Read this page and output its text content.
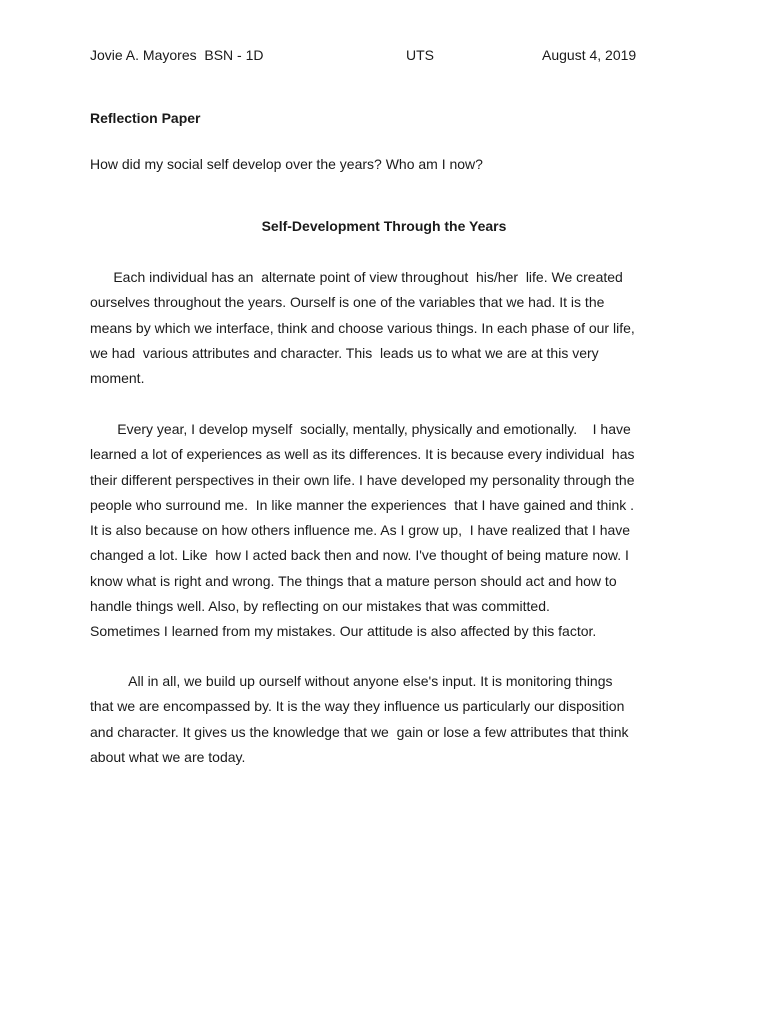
Jovie A. Mayores  BSN - 1D	UTS	August 4, 2019
Reflection Paper
How did my social self develop over the years? Who am I now?
Self-Development Through the Years
Each individual has an  alternate point of view throughout  his/her  life. We created
ourselves throughout the years. Ourself is one of the variables that we had. It is the
means by which we interface, think and choose various things. In each phase of our life,
we had  various attributes and character. This  leads us to what we are at this very
moment.
Every year, I develop myself  socially, mentally, physically and emotionally.    I have
learned a lot of experiences as well as its differences. It is because every individual  has
their different perspectives in their own life. I have developed my personality through the
people who surround me.  In like manner the experiences  that I have gained and think .
It is also because on how others influence me. As I grow up,  I have realized that I have
changed a lot. Like  how I acted back then and now. I've thought of being mature now. I
know what is right and wrong. The things that a mature person should act and how to
handle things well. Also, by reflecting on our mistakes that was committed.
Sometimes I learned from my mistakes. Our attitude is also affected by this factor.
All in all, we build up ourself without anyone else's input. It is monitoring things
that we are encompassed by. It is the way they influence us particularly our disposition
and character. It gives us the knowledge that we  gain or lose a few attributes that think
about what we are today.
